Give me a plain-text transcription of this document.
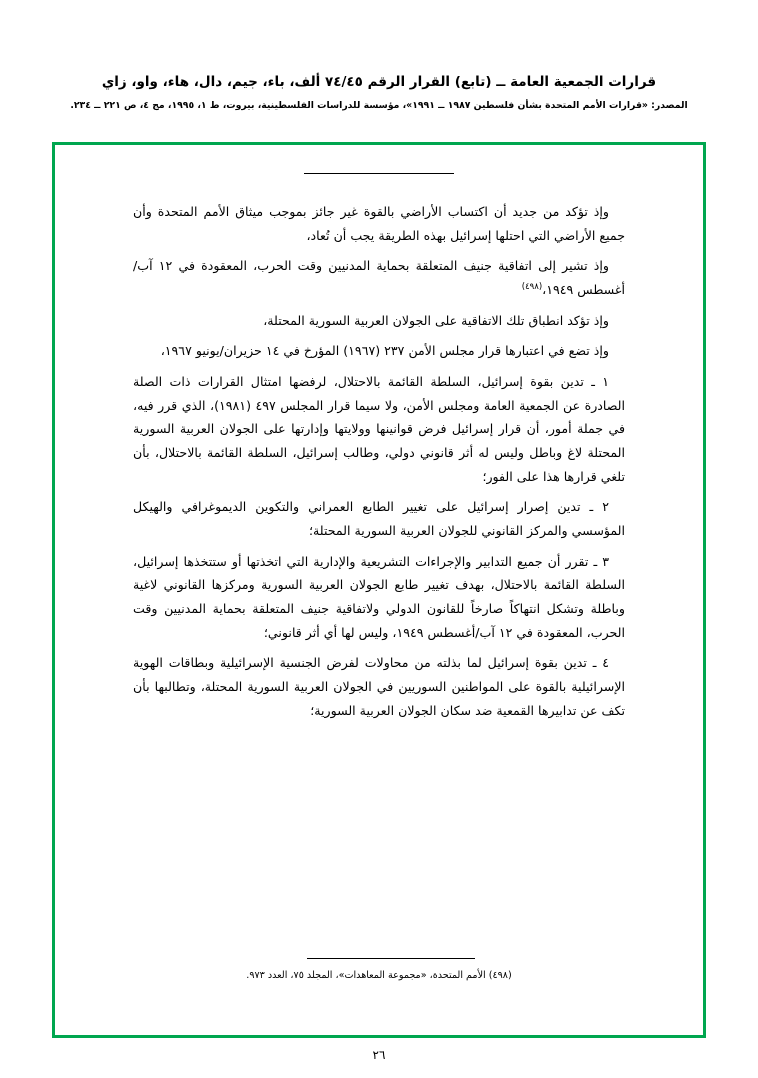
قرارات الجمعية العامة ــ (تابع) القرار الرقم ٧٤/٤٥ ألف، باء، جيم، دال، هاء، واو، زاي
المصدر: «قرارات الأمم المتحدة بشأن فلسطين ١٩٨٧ ــ ١٩٩١»، مؤسسة للدراسات الفلسطينية، بيروت، ط ١، ١٩٩٥، مج ٤، ص ٢٢١ ــ ٢٣٤.

وإذ تؤكد من جديد أن اكتساب الأراضي بالقوة غير جائز بموجب ميثاق الأمم المتحدة وأن جميع الأراضي التي احتلها إسرائيل بهذه الطريقة يجب أن تُعاد،

وإذ تشير إلى اتفاقية جنيف المتعلقة بحماية المدنيين وقت الحرب، المعقودة في ١٢ آب/أغسطس ١٩٤٩،$^{(٤٩٨)}$

وإذ تؤكد انطباق تلك الاتفاقية على الجولان العربية السورية المحتلة،

وإذ تضع في اعتبارها قرار مجلس الأمن ٢٣٧ (١٩٦٧) المؤرخ في ١٤ حزيران/يونيو ١٩٦٧،

١ ـ تدين بقوة إسرائيل، السلطة القائمة بالاحتلال، لرفضها امتثال القرارات ذات الصلة الصادرة عن الجمعية العامة ومجلس الأمن، ولا سيما قرار المجلس ٤٩٧ (١٩٨١)، الذي قرر فيه، في جملة أمور، أن قرار إسرائيل فرض قوانينها وولايتها وإدارتها على الجولان العربية السورية المحتلة لاغ وباطل وليس له أثر قانوني دولي، وطالب إسرائيل، السلطة القائمة بالاحتلال، بأن تلغي قرارها هذا على الفور؛

٢ ـ تدين إصرار إسرائيل على تغيير الطابع العمراني والتكوين الديموغرافي والهيكل المؤسسي والمركز القانوني للجولان العربية السورية المحتلة؛

٣ ـ تقرر أن جميع التدابير والإجراءات التشريعية والإدارية التي اتخذتها أو ستتخذها إسرائيل، السلطة القائمة بالاحتلال، بهدف تغيير طابع الجولان العربية السورية ومركزها القانوني لاغية وباطلة وتشكل انتهاكاً صارخاً للقانون الدولي ولاتفاقية جنيف المتعلقة بحماية المدنيين وقت الحرب، المعقودة في ١٢ آب/أغسطس ١٩٤٩، وليس لها أي أثر قانوني؛

٤ ـ تدين بقوة إسرائيل لما بذلته من محاولات لفرض الجنسية الإسرائيلية وبطاقات الهوية الإسرائيلية بالقوة على المواطنين السوريين في الجولان العربية السورية المحتلة، وتطالبها بأن تكف عن تدابيرها القمعية ضد سكان الجولان العربية السورية؛

(٤٩٨) الأمم المتحدة، «مجموعة المعاهدات»، المجلد ٧٥، العدد ٩٧٣.
٢٦
